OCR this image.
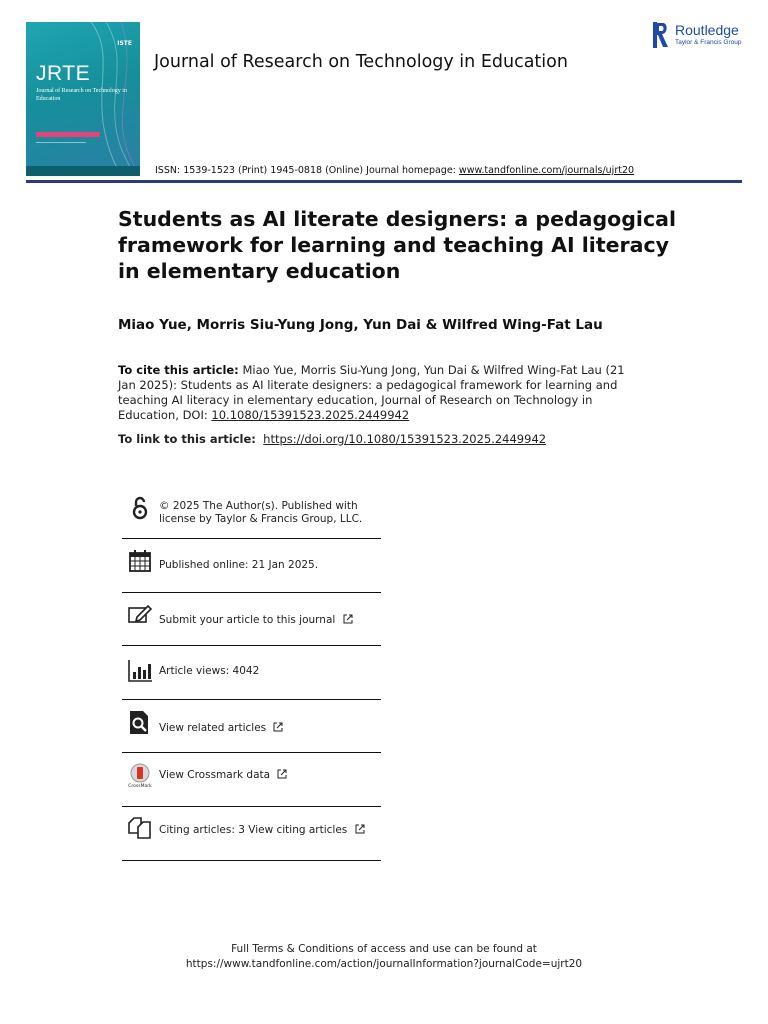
ISTE
JRTE
Journal of Research on Technology in Education
Journal of Research on Technology in Education
Routledge
Taylor & Francis Group
ISSN: 1539-1523 (Print) 1945-0818 (Online) Journal homepage: www.tandfonline.com/journals/ujrt20
Students as AI literate designers: a pedagogical framework for learning and teaching AI literacy in elementary education
Miao Yue, Morris Siu-Yung Jong, Yun Dai & Wilfred Wing-Fat Lau
To cite this article: Miao Yue, Morris Siu-Yung Jong, Yun Dai & Wilfred Wing-Fat Lau (21 Jan 2025): Students as AI literate designers: a pedagogical framework for learning and teaching AI literacy in elementary education, Journal of Research on Technology in Education, DOI: 10.1080/15391523.2025.2449942
To link to this article: https://doi.org/10.1080/15391523.2025.2449942
© 2025 The Author(s). Published with license by Taylor & Francis Group, LLC.
Published online: 21 Jan 2025.
Submit your article to this journal
Article views: 4042
View related articles
CrossMark
View Crossmark data
Citing articles: 3 View citing articles
Full Terms & Conditions of access and use can be found at
https://www.tandfonline.com/action/journalInformation?journalCode=ujrt20
